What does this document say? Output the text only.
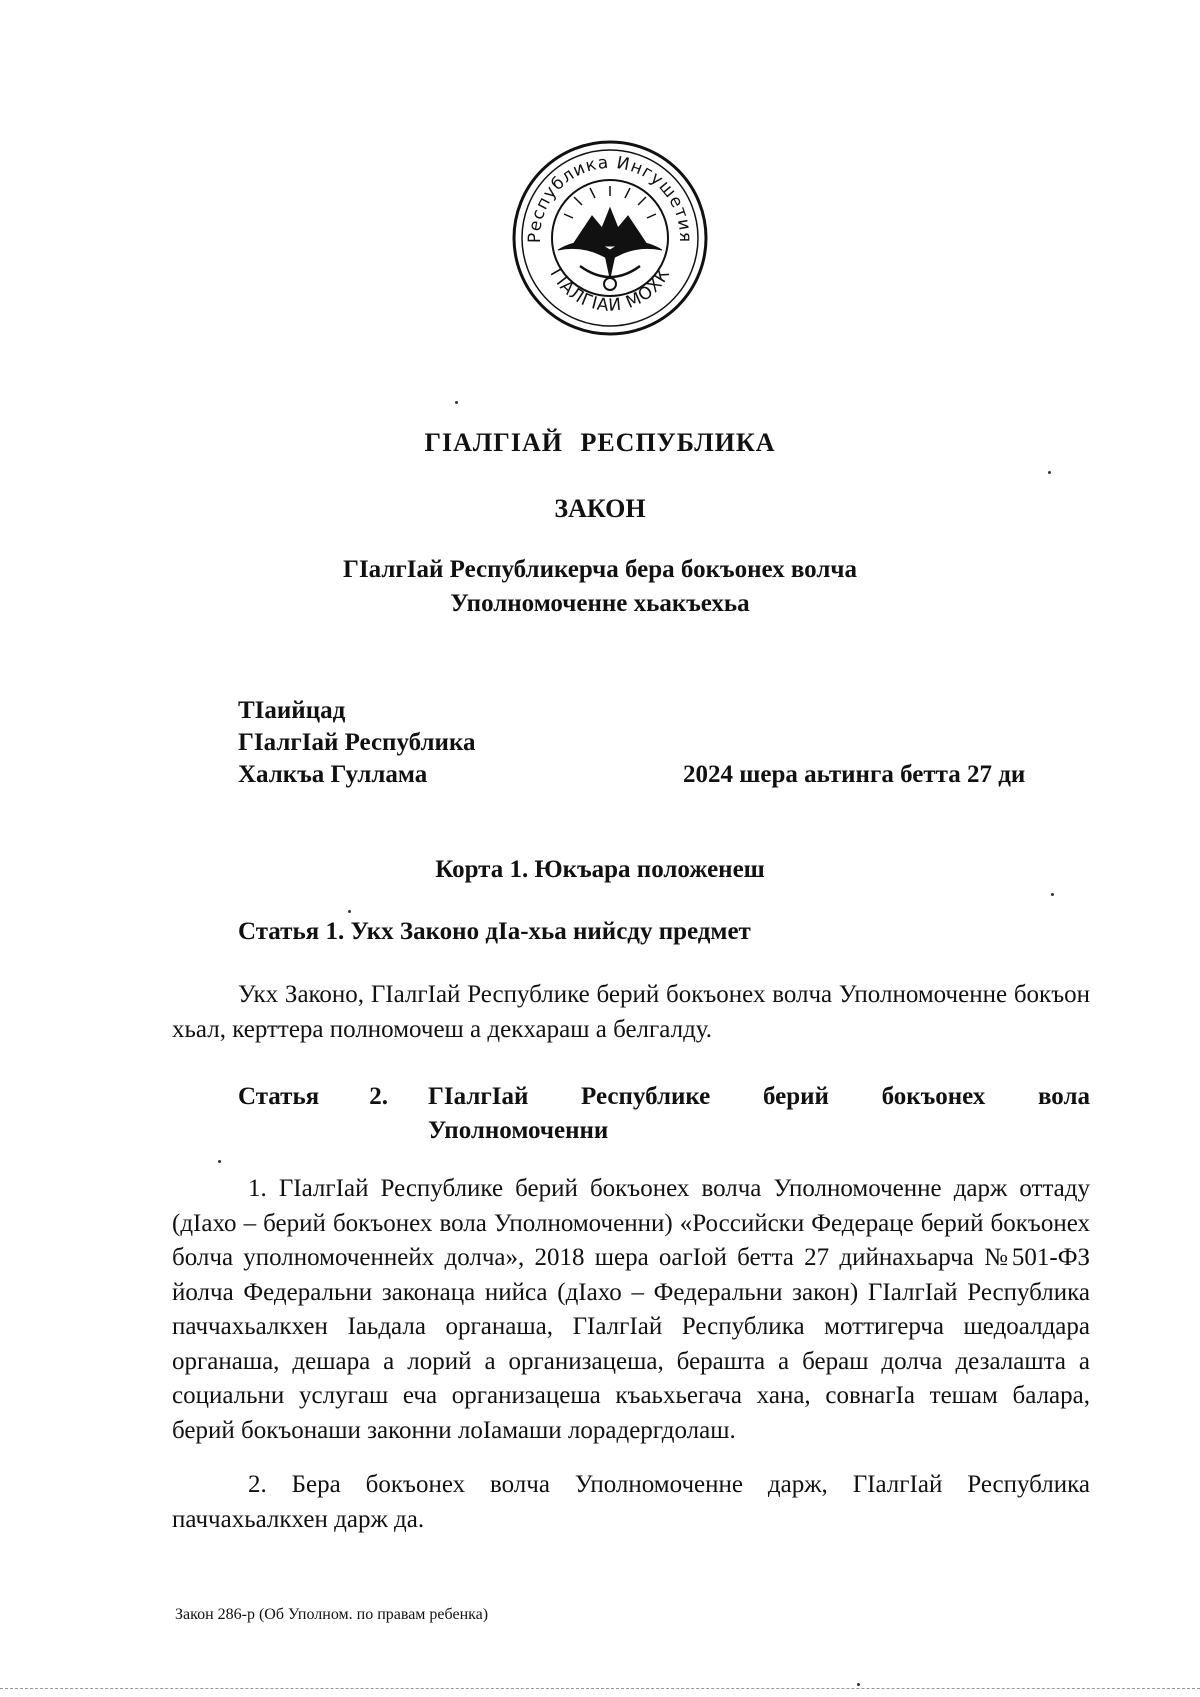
Республика Ингушетия
ГIАЛГIАЙ МОХК
ГIАЛГIАЙ РЕСПУБЛИКА
ЗАКОН
ГIалгIай Республикерча бера бокъонех волча
Уполномоченне хьакъехьа
ТIаийцад
ГIалгIай Республика
Халкъа Гуллама	2024 шера аьтинга бетта 27 ди
Корта 1. Юкъара положенеш
Статья 1. Укх Законо дIа-хьа нийсду предмет
Укх Законо, ГIалгIай Республике берий бокъонех волча Уполномоченне бокъон хьал, керттера полномочеш а декхараш а белгалду.
Статья 2. ГIалгIай Республике берий бокъонех вола Уполномоченни
1. ГIалгIай Республике берий бокъонех волча Уполномоченне дарж оттаду (дIахо – берий бокъонех вола Уполномоченни) «Российски Федераце берий бокъонех болча уполномоченнейх долча», 2018 шера оагIой бетта 27 дийнахьарча №501-ФЗ йолча Федеральни законаца нийса (дIахо – Федеральни закон) ГIалгIай Республика паччахьалкхен Iаьдала органаша, ГIалгIай Республика моттигерча шедоалдара органаша, дешара а лорий а организацеша, бераштa а бераш долча дезалашта а социальни услугаш еча организацеша къаьхьегача хана, совнагIа тешам балара, берий бокъонаши законни лоIамаши лорадергдолаш.
2. Бера бокъонех волча Уполномоченне дарж, ГIалгIай Республика паччахьалкхен дарж да.
Закон 286-р (Об Уполном. по правам ребенка)
